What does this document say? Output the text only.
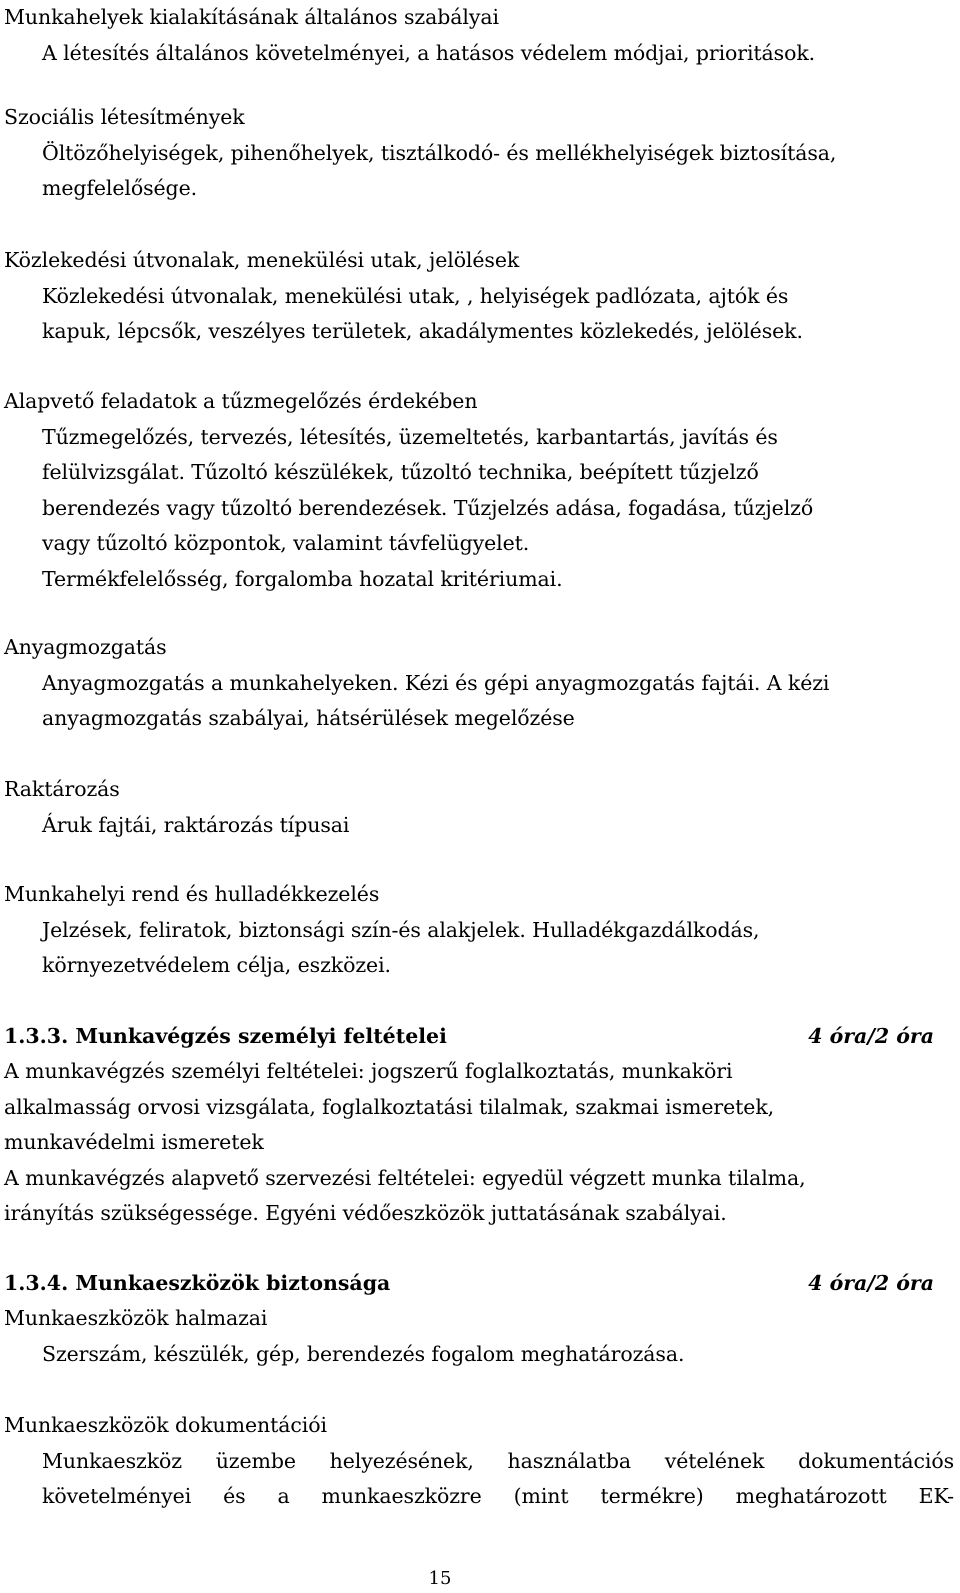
Munkahelyek kialakításának általános szabályai
A létesítés általános követelményei, a hatásos védelem módjai, prioritások.
Szociális létesítmények
Öltözőhelyiségek, pihenőhelyek, tisztálkodó- és mellékhelyiségek biztosítása,
megfelelősége.
Közlekedési útvonalak, menekülési utak, jelölések
Közlekedési útvonalak, menekülési utak, , helyiségek padlózata, ajtók és
kapuk, lépcsők, veszélyes területek, akadálymentes közlekedés, jelölések.
Alapvető feladatok a tűzmegelőzés érdekében
Tűzmegelőzés, tervezés, létesítés, üzemeltetés, karbantartás, javítás és
felülvizsgálat. Tűzoltó készülékek, tűzoltó technika, beépített tűzjelző
berendezés vagy tűzoltó berendezések. Tűzjelzés adása, fogadása, tűzjelző
vagy tűzoltó központok, valamint távfelügyelet.
Termékfelelősség, forgalomba hozatal kritériumai.
Anyagmozgatás
Anyagmozgatás a munkahelyeken. Kézi és gépi anyagmozgatás fajtái. A kézi
anyagmozgatás szabályai, hátsérülések megelőzése
Raktározás
Áruk fajtái, raktározás típusai
Munkahelyi rend és hulladékkezelés
Jelzések, feliratok, biztonsági szín-és alakjelek. Hulladékgazdálkodás,
környezetvédelem célja, eszközei.
1.3.3. Munkavégzés személyi feltételei	4 óra/2 óra
A munkavégzés személyi feltételei: jogszerű foglalkoztatás, munkaköri
alkalmasság orvosi vizsgálata, foglalkoztatási tilalmak, szakmai ismeretek,
munkavédelmi ismeretek
A munkavégzés alapvető szervezési feltételei: egyedül végzett munka tilalma,
irányítás szükségessége. Egyéni védőeszközök juttatásának szabályai.
1.3.4. Munkaeszközök biztonsága	4 óra/2 óra
Munkaeszközök halmazai
Szerszám, készülék, gép, berendezés fogalom meghatározása.
Munkaeszközök dokumentációi
Munkaeszköz üzembe helyezésének, használatba vételének dokumentációs
követelményei és a munkaeszközre (mint termékre) meghatározott EK-
15
